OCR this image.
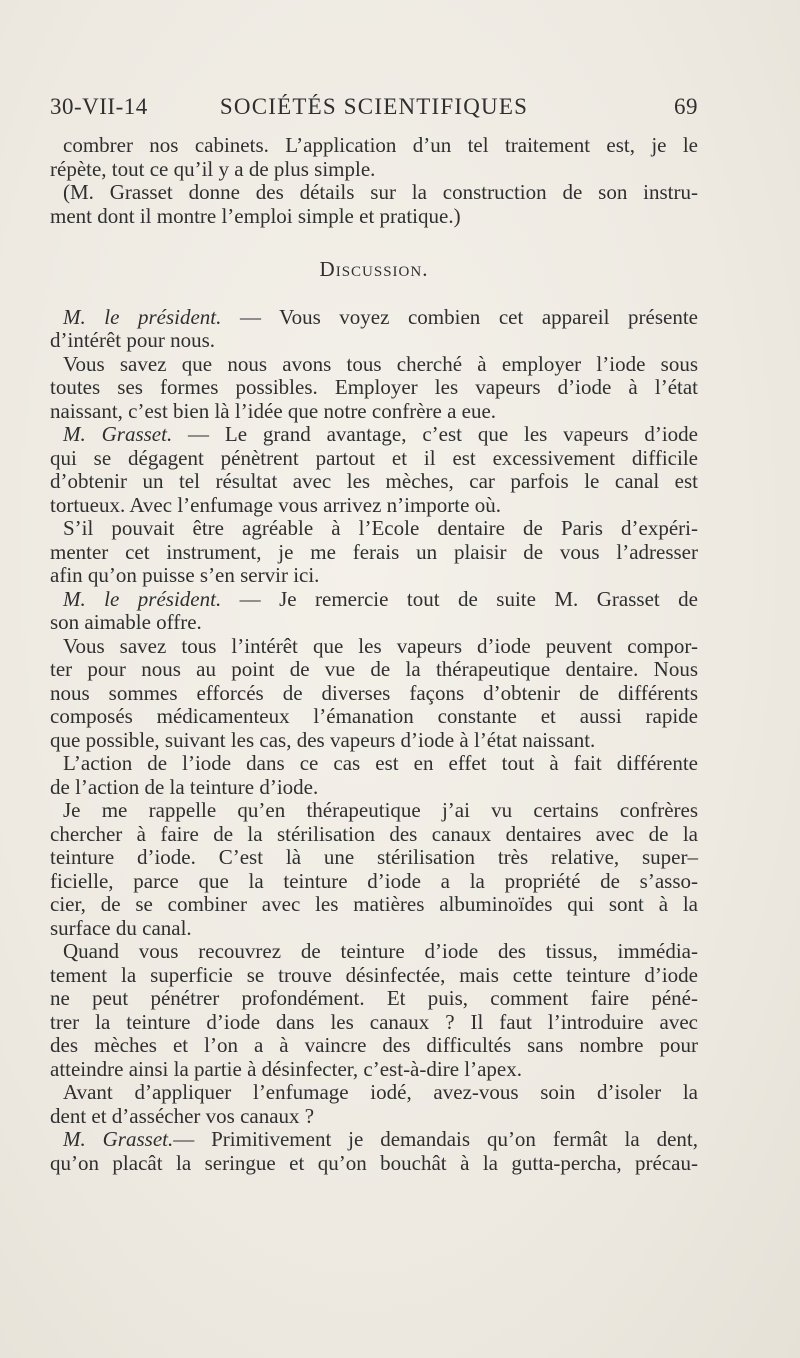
30-VII-14	SOCIÉTÉS SCIENTIFIQUES	69
combrer nos cabinets. L’application d’un tel traitement est, je le
répète, tout ce qu’il y a de plus simple.
(M. Grasset donne des détails sur la construction de son instru-
ment dont il montre l’emploi simple et pratique.)
Discussion.
M. le président. — Vous voyez combien cet appareil présente
d’intérêt pour nous.
Vous savez que nous avons tous cherché à employer l’iode sous
toutes ses formes possibles. Employer les vapeurs d’iode à l’état
naissant, c’est bien là l’idée que notre confrère a eue.
M. Grasset. — Le grand avantage, c’est que les vapeurs d’iode
qui se dégagent pénètrent partout et il est excessivement difficile
d’obtenir un tel résultat avec les mèches, car parfois le canal est
tortueux. Avec l’enfumage vous arrivez n’importe où.
S’il pouvait être agréable à l’Ecole dentaire de Paris d’expéri-
menter cet instrument, je me ferais un plaisir de vous l’adresser
afin qu’on puisse s’en servir ici.
M. le président. — Je remercie tout de suite M. Grasset de
son aimable offre.
Vous savez tous l’intérêt que les vapeurs d’iode peuvent compor-
ter pour nous au point de vue de la thérapeutique dentaire. Nous
nous sommes efforcés de diverses façons d’obtenir de différents
composés médicamenteux l’émanation constante et aussi rapide
que possible, suivant les cas, des vapeurs d’iode à l’état naissant.
L’action de l’iode dans ce cas est en effet tout à fait différente
de l’action de la teinture d’iode.
Je me rappelle qu’en thérapeutique j’ai vu certains confrères
chercher à faire de la stérilisation des canaux dentaires avec de la
teinture d’iode. C’est là une stérilisation très relative, super–
ficielle, parce que la teinture d’iode a la propriété de s’asso-
cier, de se combiner avec les matières albuminoïdes qui sont à la
surface du canal.
Quand vous recouvrez de teinture d’iode des tissus, immédia-
tement la superficie se trouve désinfectée, mais cette teinture d’iode
ne peut pénétrer profondément. Et puis, comment faire péné-
trer la teinture d’iode dans les canaux ? Il faut l’introduire avec
des mèches et l’on a à vaincre des difficultés sans nombre pour
atteindre ainsi la partie à désinfecter, c’est-à-dire l’apex.
Avant d’appliquer l’enfumage iodé, avez-vous soin d’isoler la
dent et d’assécher vos canaux ?
M. Grasset.— Primitivement je demandais qu’on fermât la dent,
qu’on placât la seringue et qu’on bouchât à la gutta-percha, précau-
